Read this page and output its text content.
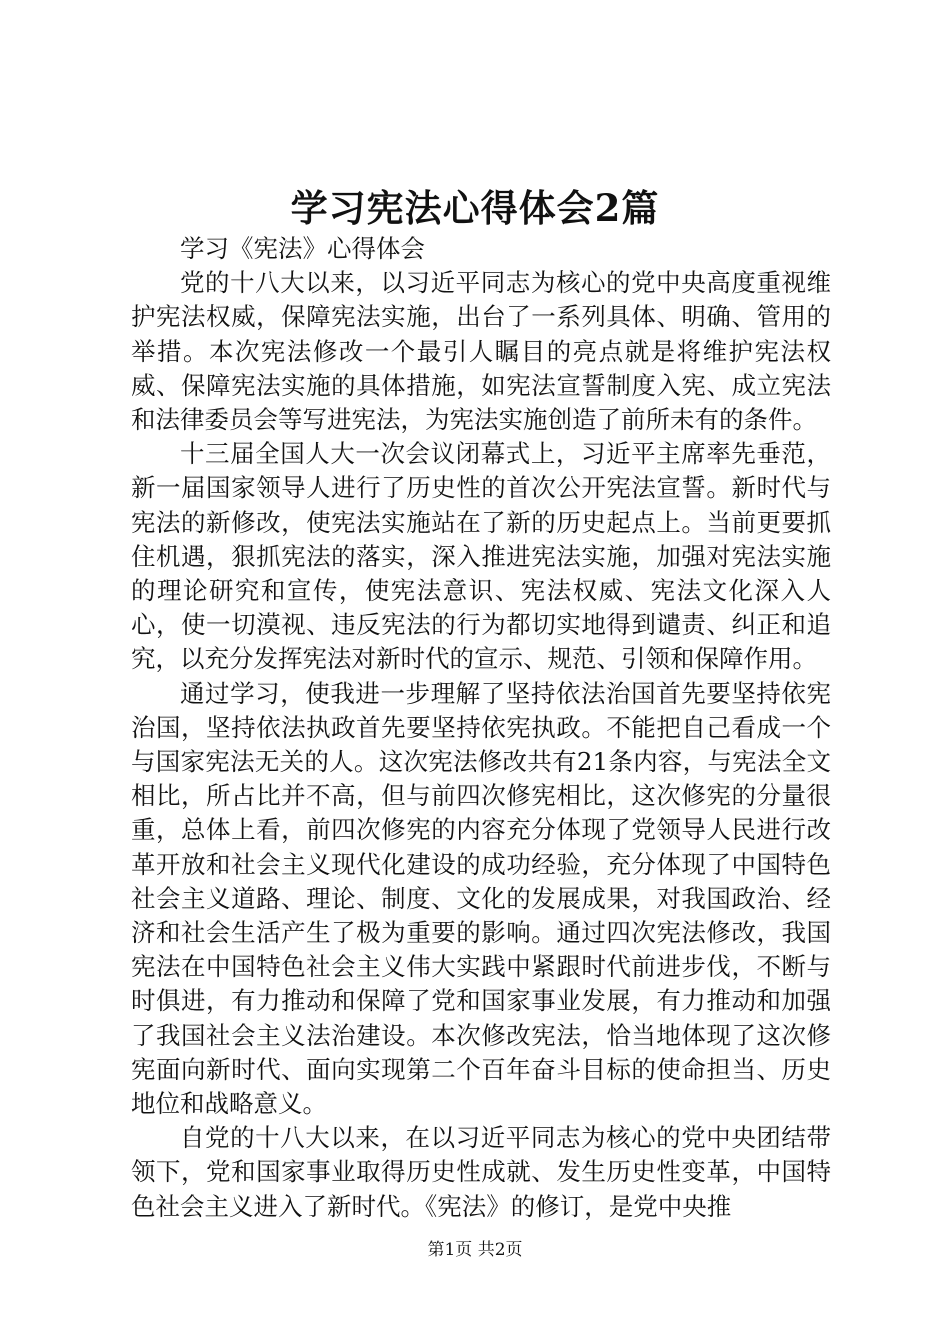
学习宪法心得体会2篇

学习《宪法》心得体会

党的十八大以来，以习近平同志为核心的党中央高度重视维护宪法权威，保障宪法实施，出台了一系列具体、明确、管用的举措。本次宪法修改一个最引人瞩目的亮点就是将维护宪法权威、保障宪法实施的具体措施，如宪法宣誓制度入宪、成立宪法和法律委员会等写进宪法，为宪法实施创造了前所未有的条件。

十三届全国人大一次会议闭幕式上，习近平主席率先垂范，新一届国家领导人进行了历史性的首次公开宪法宣誓。新时代与宪法的新修改，使宪法实施站在了新的历史起点上。当前更要抓住机遇，狠抓宪法的落实，深入推进宪法实施，加强对宪法实施的理论研究和宣传，使宪法意识、宪法权威、宪法文化深入人心，使一切漠视、违反宪法的行为都切实地得到谴责、纠正和追究，以充分发挥宪法对新时代的宣示、规范、引领和保障作用。

通过学习，使我进一步理解了坚持依法治国首先要坚持依宪治国，坚持依法执政首先要坚持依宪执政。不能把自己看成一个与国家宪法无关的人。这次宪法修改共有21条内容，与宪法全文相比，所占比并不高，但与前四次修宪相比，这次修宪的分量很重，总体上看，前四次修宪的内容充分体现了党领导人民进行改革开放和社会主义现代化建设的成功经验，充分体现了中国特色社会主义道路、理论、制度、文化的发展成果，对我国政治、经济和社会生活产生了极为重要的影响。通过四次宪法修改，我国宪法在中国特色社会主义伟大实践中紧跟时代前进步伐，不断与时俱进，有力推动和保障了党和国家事业发展，有力推动和加强了我国社会主义法治建设。本次修改宪法，恰当地体现了这次修宪面向新时代、面向实现第二个百年奋斗目标的使命担当、历史地位和战略意义。

自党的十八大以来，在以习近平同志为核心的党中央团结带领下，党和国家事业取得历史性成就、发生历史性变革，中国特色社会主义进入了新时代。《宪法》的修订，是党中央推

第1页 共2页
